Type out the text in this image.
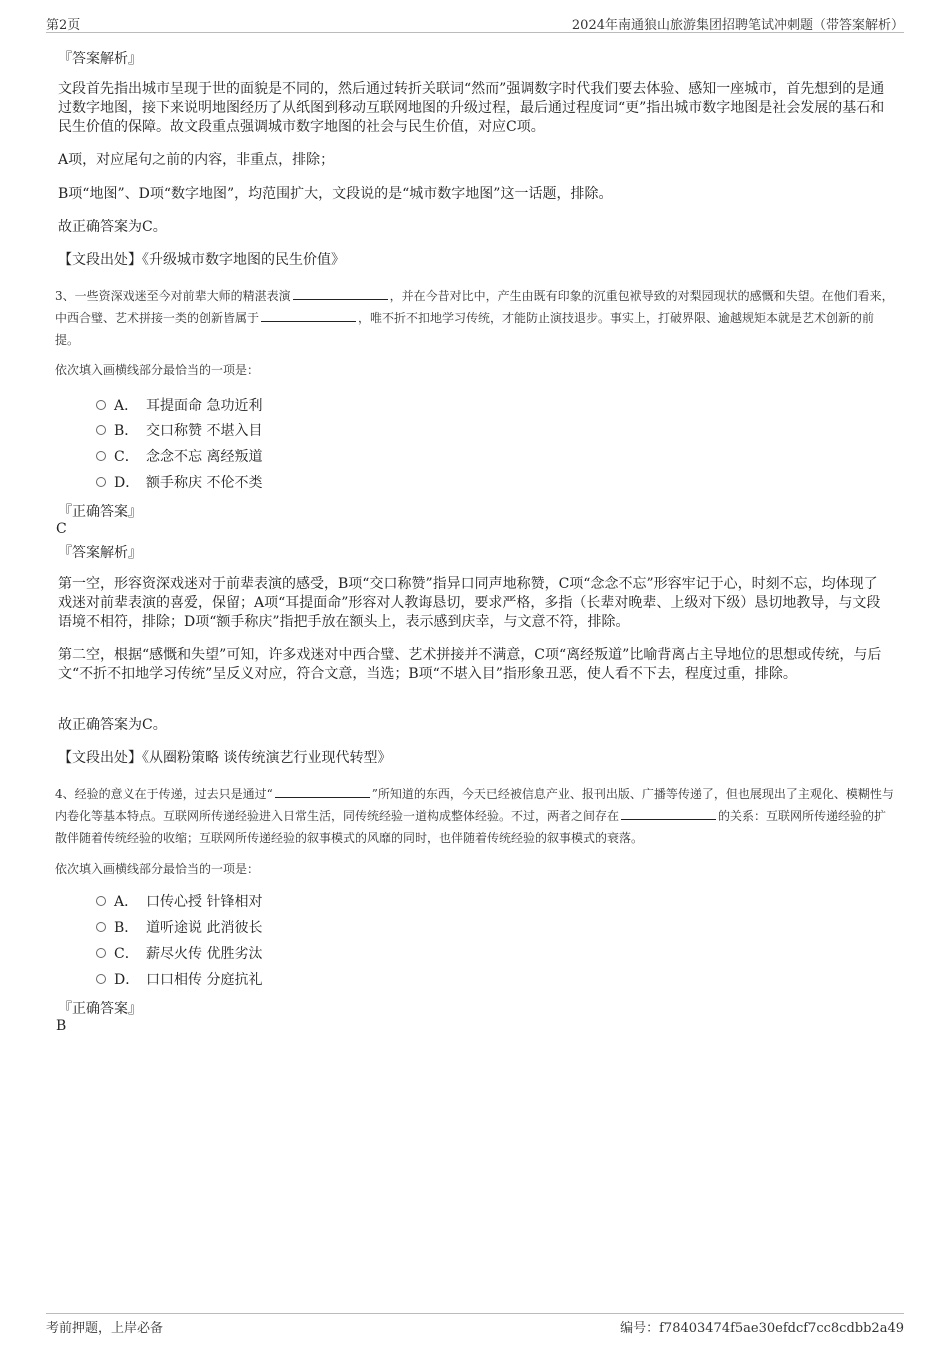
第2页	2024年南通狼山旅游集团招聘笔试冲刺题（带答案解析）
『答案解析』
文段首先指出城市呈现于世的面貌是不同的，然后通过转折关联词“然而”强调数字时代我们要去体验、感知一座城市，首先想到的是通过数字地图，接下来说明地图经历了从纸图到移动互联网地图的升级过程，最后通过程度词“更”指出城市数字地图是社会发展的基石和民生价值的保障。故文段重点强调城市数字地图的社会与民生价值，对应C项。
A项，对应尾句之前的内容，非重点，排除；
B项“地图”、D项“数字地图”，均范围扩大，文段说的是“城市数字地图”这一话题，排除。
故正确答案为C。
【文段出处】《升级城市数字地图的民生价值》
3、一些资深戏迷至今对前辈大师的精湛表演	，并在今昔对比中，产生由既有印象的沉重包袱导致的对梨园现状的感慨和失望。在他们看来，中西合璧、艺术拼接一类的创新皆属于	，唯不折不扣地学习传统，才能防止演技退步。事实上，打破界限、逾越规矩本就是艺术创新的前提。
依次填入画横线部分最恰当的一项是：
A． 耳提面命 急功近利
B． 交口称赞 不堪入目
C． 念念不忘 离经叛道
D． 额手称庆 不伦不类
『正确答案』
C
『答案解析』
第一空，形容资深戏迷对于前辈表演的感受，B项“交口称赞”指异口同声地称赞，C项“念念不忘”形容牢记于心，时刻不忘，均体现了戏迷对前辈表演的喜爱，保留；A项“耳提面命”形容对人教诲恳切，要求严格，多指（长辈对晚辈、上级对下级）恳切地教导，与文段语境不相符，排除；D项“额手称庆”指把手放在额头上，表示感到庆幸，与文意不符，排除。
第二空，根据“感慨和失望”可知，许多戏迷对中西合璧、艺术拼接并不满意，C项“离经叛道”比喻背离占主导地位的思想或传统，与后文“不折不扣地学习传统”呈反义对应，符合文意，当选；B项“不堪入目”指形象丑恶，使人看不下去，程度过重，排除。
故正确答案为C。
【文段出处】《从圈粉策略 谈传统演艺行业现代转型》
4、经验的意义在于传递，过去只是通过“	”所知道的东西，今天已经被信息产业、报刊出版、广播等传递了，但也展现出了主观化、模糊性与内卷化等基本特点。互联网所传递经验进入日常生活，同传统经验一道构成整体经验。不过，两者之间存在	的关系：互联网所传递经验的扩散伴随着传统经验的收缩；互联网所传递经验的叙事模式的风靡的同时，也伴随着传统经验的叙事模式的衰落。
依次填入画横线部分最恰当的一项是：
A． 口传心授 针锋相对
B． 道听途说 此消彼长
C． 薪尽火传 优胜劣汰
D． 口口相传 分庭抗礼
『正确答案』
B
考前押题，上岸必备	编号：f78403474f5ae30efdcf7cc8cdbb2a49
